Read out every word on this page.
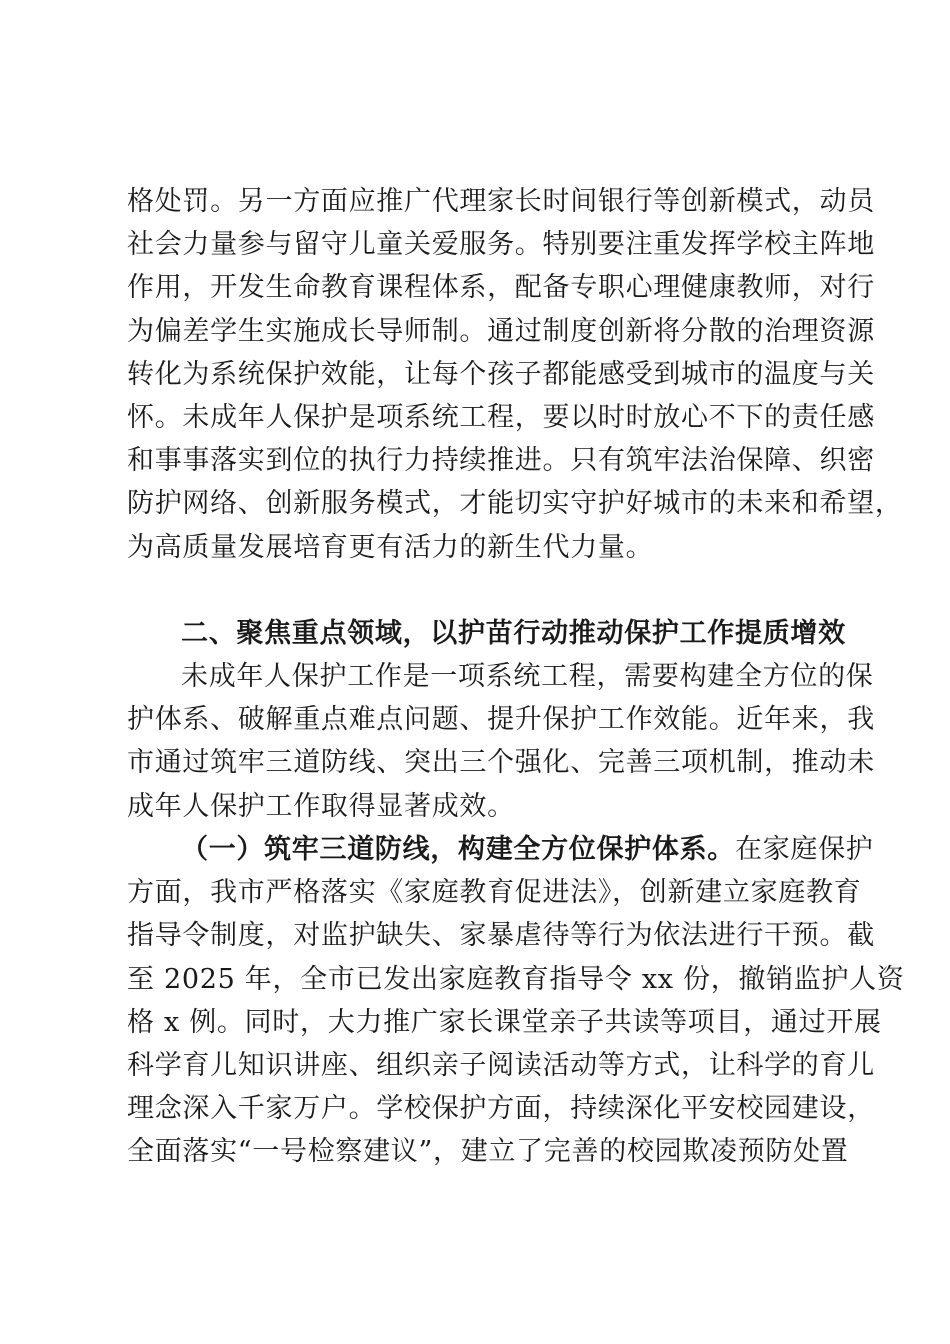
格处罚。另一方面应推广代理家长时间银行等创新模式，动员
社会力量参与留守儿童关爱服务。特别要注重发挥学校主阵地
作用，开发生命教育课程体系，配备专职心理健康教师，对行
为偏差学生实施成长导师制。通过制度创新将分散的治理资源
转化为系统保护效能，让每个孩子都能感受到城市的温度与关
怀。未成年人保护是项系统工程，要以时时放心不下的责任感
和事事落实到位的执行力持续推进。只有筑牢法治保障、织密
防护网络、创新服务模式，才能切实守护好城市的未来和希望，
为高质量发展培育更有活力的新生代力量。
二、聚焦重点领域，以护苗行动推动保护工作提质增效
未成年人保护工作是一项系统工程，需要构建全方位的保
护体系、破解重点难点问题、提升保护工作效能。近年来，我
市通过筑牢三道防线、突出三个强化、完善三项机制，推动未
成年人保护工作取得显著成效。
（一）筑牢三道防线，构建全方位保护体系。在家庭保护
方面，我市严格落实《家庭教育促进法》，创新建立家庭教育
指导令制度，对监护缺失、家暴虐待等行为依法进行干预。截
至 2025 年，全市已发出家庭教育指导令 xx 份，撤销监护人资
格 x 例。同时，大力推广家长课堂亲子共读等项目，通过开展
科学育儿知识讲座、组织亲子阅读活动等方式，让科学的育儿
理念深入千家万户。学校保护方面，持续深化平安校园建设，
全面落实“一号检察建议”，建立了完善的校园欺凌预防处置
